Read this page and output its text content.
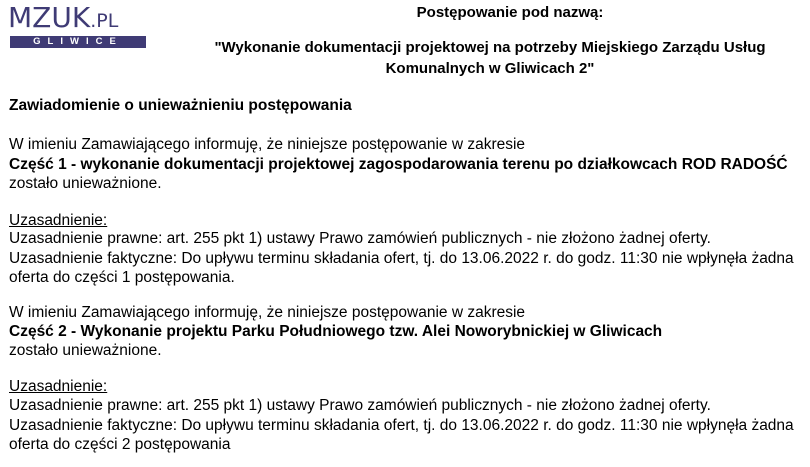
MZUK.PL
GLIWICE
Postępowanie pod nazwą:
"Wykonanie dokumentacji projektowej na potrzeby Miejskiego Zarządu Usług
Komunalnych w Gliwicach 2"
Zawiadomienie o unieważnieniu postępowania
W imieniu Zamawiającego informuję, że niniejsze postępowanie w zakresie
Część 1 - wykonanie dokumentacji projektowej zagospodarowania terenu po działkowcach ROD RADOŚĆ
zostało unieważnione.
Uzasadnienie:
Uzasadnienie prawne: art. 255 pkt 1) ustawy Prawo zamówień publicznych - nie złożono żadnej oferty.
Uzasadnienie faktyczne: Do upływu terminu składania ofert, tj. do 13.06.2022 r. do godz. 11:30 nie wpłynęła żadna
oferta do części 1 postępowania.
W imieniu Zamawiającego informuję, że niniejsze postępowanie w zakresie
Część 2 - Wykonanie projektu Parku Południowego tzw. Alei Noworybnickiej w Gliwicach
zostało unieważnione.
Uzasadnienie:
Uzasadnienie prawne: art. 255 pkt 1) ustawy Prawo zamówień publicznych - nie złożono żadnej oferty.
Uzasadnienie faktyczne: Do upływu terminu składania ofert, tj. do 13.06.2022 r. do godz. 11:30 nie wpłynęła żadna
oferta do części 2 postępowania
